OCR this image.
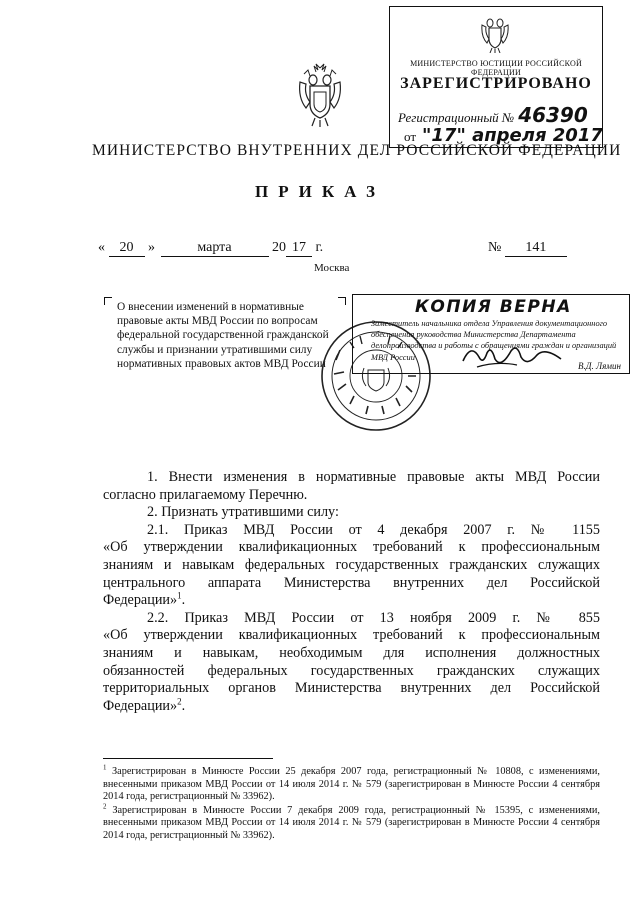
МИНИСТЕРСТВО ВНУТРЕННИХ ДЕЛ РОССИЙСКОЙ ФЕДЕРАЦИИ
ПРИКАЗ
« 20 »	марта	20 17 г.	№ 141
Москва
О внесении изменений в нормативные
правовые акты МВД России по вопросам
федеральной государственной гражданской
службы и признании утратившими силу
нормативных правовых актов МВД России
МИНИСТЕРСТВО ЮСТИЦИИ РОССИЙСКОЙ ФЕДЕРАЦИИ
ЗАРЕГИСТРИРОВАНО
Регистрационный № 46390
от "17" апреля 2017
КОПИЯ ВЕРНА
Заместитель начальника отдела Управления документационного обеспечения руководства Министерства Департамента делопроизводства и работы с обращениями граждан и организаций МВД России
В.Д. Лямин

1. Внести изменения в нормативные правовые акты МВД России
согласно прилагаемому Перечню.

2. Признать утратившими силу:

2.1. Приказ МВД России от 4 декабря 2007 г. № 1155
«Об утверждении квалификационных требований к профессиональным
знаниям и навыкам федеральных государственных гражданских служащих
центрального аппарата Министерства внутренних дел Российской
Федерации»$^1$.

2.2. Приказ МВД России от 13 ноября 2009 г. № 855
«Об утверждении квалификационных требований к профессиональным
знаниям и навыкам, необходимым для исполнения должностных
обязанностей федеральных государственных гражданских служащих
территориальных органов Министерства внутренних дел Российской
Федерации»$^2$.

$^1$ Зарегистрирован в Минюсте России 25 декабря 2007 года, регистрационный № 10808, с изменениями, внесенными приказом МВД России от 14 июля 2014 г. № 579 (зарегистрирован в Минюсте России 4 сентября 2014 года, регистрационный № 33962).

$^2$ Зарегистрирован в Минюсте России 7 декабря 2009 года, регистрационный № 15395, с изменениями, внесенными приказом МВД России от 14 июля 2014 г. № 579 (зарегистрирован в Минюсте России 4 сентября 2014 года, регистрационный № 33962).
